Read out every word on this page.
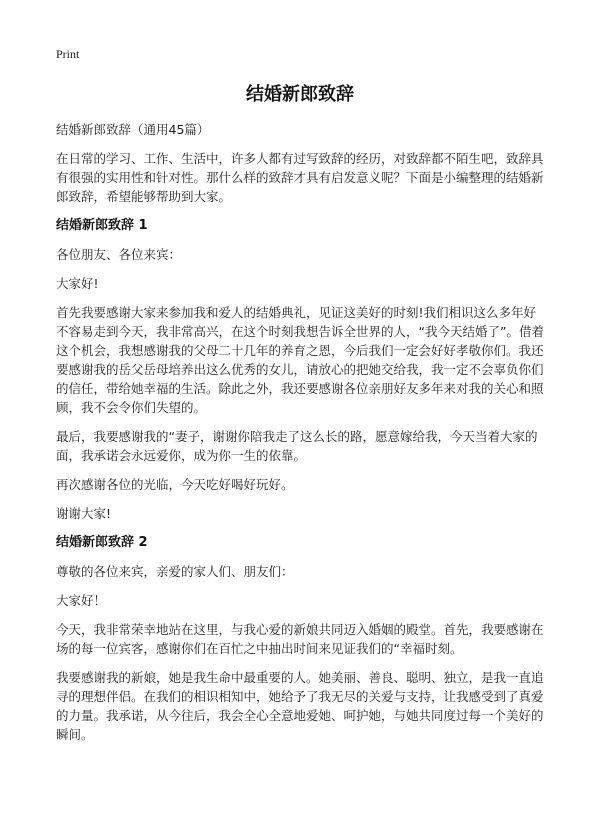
Print
结婚新郎致辞

结婚新郎致辞（通用45篇）

在日常的学习、工作、生活中，许多人都有过写致辞的经历，对致辞都不陌生吧，致辞具有很强的实用性和针对性。那什么样的致辞才具有启发意义呢？下面是小编整理的结婚新郎致辞，希望能够帮助到大家。

结婚新郎致辞 1

各位朋友、各位来宾：

大家好!

首先我要感谢大家来参加我和爱人的结婚典礼，见证这美好的时刻!我们相识这么多年好不容易走到今天，我非常高兴，在这个时刻我想告诉全世界的人，“我今天结婚了”。借着这个机会，我想感谢我的父母二十几年的养育之恩，今后我们一定会好好孝敬你们。我还要感谢我的岳父岳母培养出这么优秀的女儿，请放心的把她交给我，我一定不会辜负你们的信任，带给她幸福的生活。除此之外，我还要感谢各位亲朋好友多年来对我的关心和照顾，我不会令你们失望的。

最后，我要感谢我的“妻子，谢谢你陪我走了这么长的路，愿意嫁给我，今天当着大家的面，我承诺会永远爱你，成为你一生的依靠。

再次感谢各位的光临，今天吃好喝好玩好。

谢谢大家!

结婚新郎致辞 2

尊敬的各位来宾，亲爱的家人们、朋友们：

大家好！

今天，我非常荣幸地站在这里，与我心爱的新娘共同迈入婚姻的殿堂。首先，我要感谢在场的每一位宾客，感谢你们在百忙之中抽出时间来见证我们的“幸福时刻。

我要感谢我的新娘，她是我生命中最重要的人。她美丽、善良、聪明、独立，是我一直追寻的理想伴侣。在我们的相识相知中，她给予了我无尽的关爱与支持，让我感受到了真爱的力量。我承诺，从今往后，我会全心全意地爱她、呵护她，与她共同度过每一个美好的瞬间。
